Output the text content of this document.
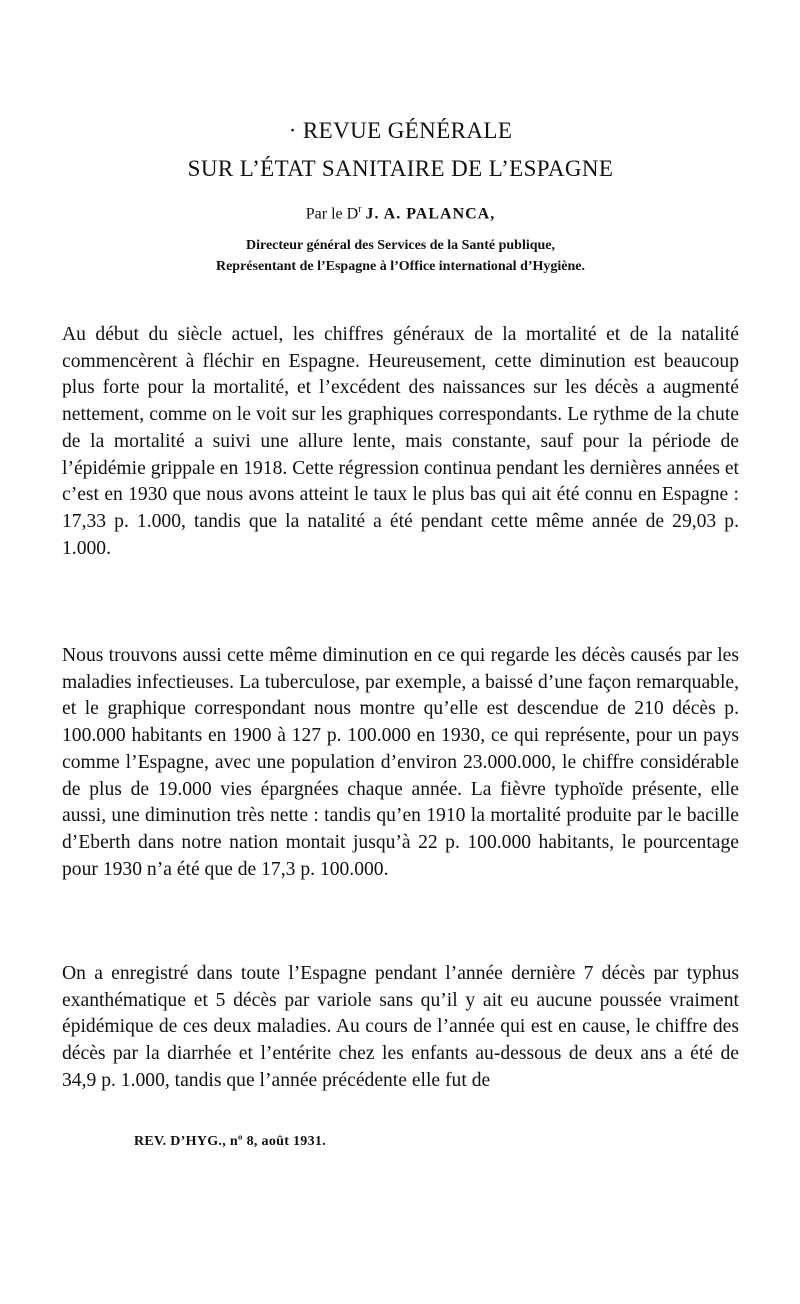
· REVUE GÉNÉRALE
SUR L’ÉTAT SANITAIRE DE L’ESPAGNE

Par le $D^r$ J. A. PALANCA,

Directeur général des Services de la Santé publique,

Représentant de l’Espagne à l’Office international d’Hygiène.

Au début du siècle actuel, les chiffres généraux de la mortalité et de la natalité commencèrent à fléchir en Espagne. Heureusement, cette diminution est beaucoup plus forte pour la mortalité, et l’excédent des naissances sur les décès a augmenté nettement, comme on le voit sur les graphiques correspondants. Le rythme de la chute de la mortalité a suivi une allure lente, mais constante, sauf pour la période de l’épidémie grippale en 1918. Cette régression continua pendant les dernières années et c’est en 1930 que nous avons atteint le taux le plus bas qui ait été connu en Espagne : 17,33 p. 1.000, tandis que la natalité a été pendant cette même année de 29,03 p. 1.000.

Nous trouvons aussi cette même diminution en ce qui regarde les décès causés par les maladies infectieuses. La tuberculose, par exemple, a baissé d’une façon remarquable, et le graphique correspondant nous montre qu’elle est descendue de 210 décès p. 100.000 habitants en 1900 à 127 p. 100.000 en 1930, ce qui représente, pour un pays comme l’Espagne, avec une population d’environ 23.000.000, le chiffre considérable de plus de 19.000 vies épargnées chaque année. La fièvre typhoïde présente, elle aussi, une diminution très nette : tandis qu’en 1910 la mortalité produite par le bacille d’Eberth dans notre nation montait jusqu’à 22 p. 100.000 habitants, le pourcentage pour 1930 n’a été que de 17,3 p. 100.000.

On a enregistré dans toute l’Espagne pendant l’année dernière 7 décès par typhus exanthématique et 5 décès par variole sans qu’il y ait eu aucune poussée vraiment épidémique de ces deux maladies. Au cours de l’année qui est en cause, le chiffre des décès par la diarrhée et l’entérite chez les enfants au-dessous de deux ans a été de 34,9 p. 1.000, tandis que l’année précédente elle fut de

REV. D’HYG., nº 8, août 1931.
